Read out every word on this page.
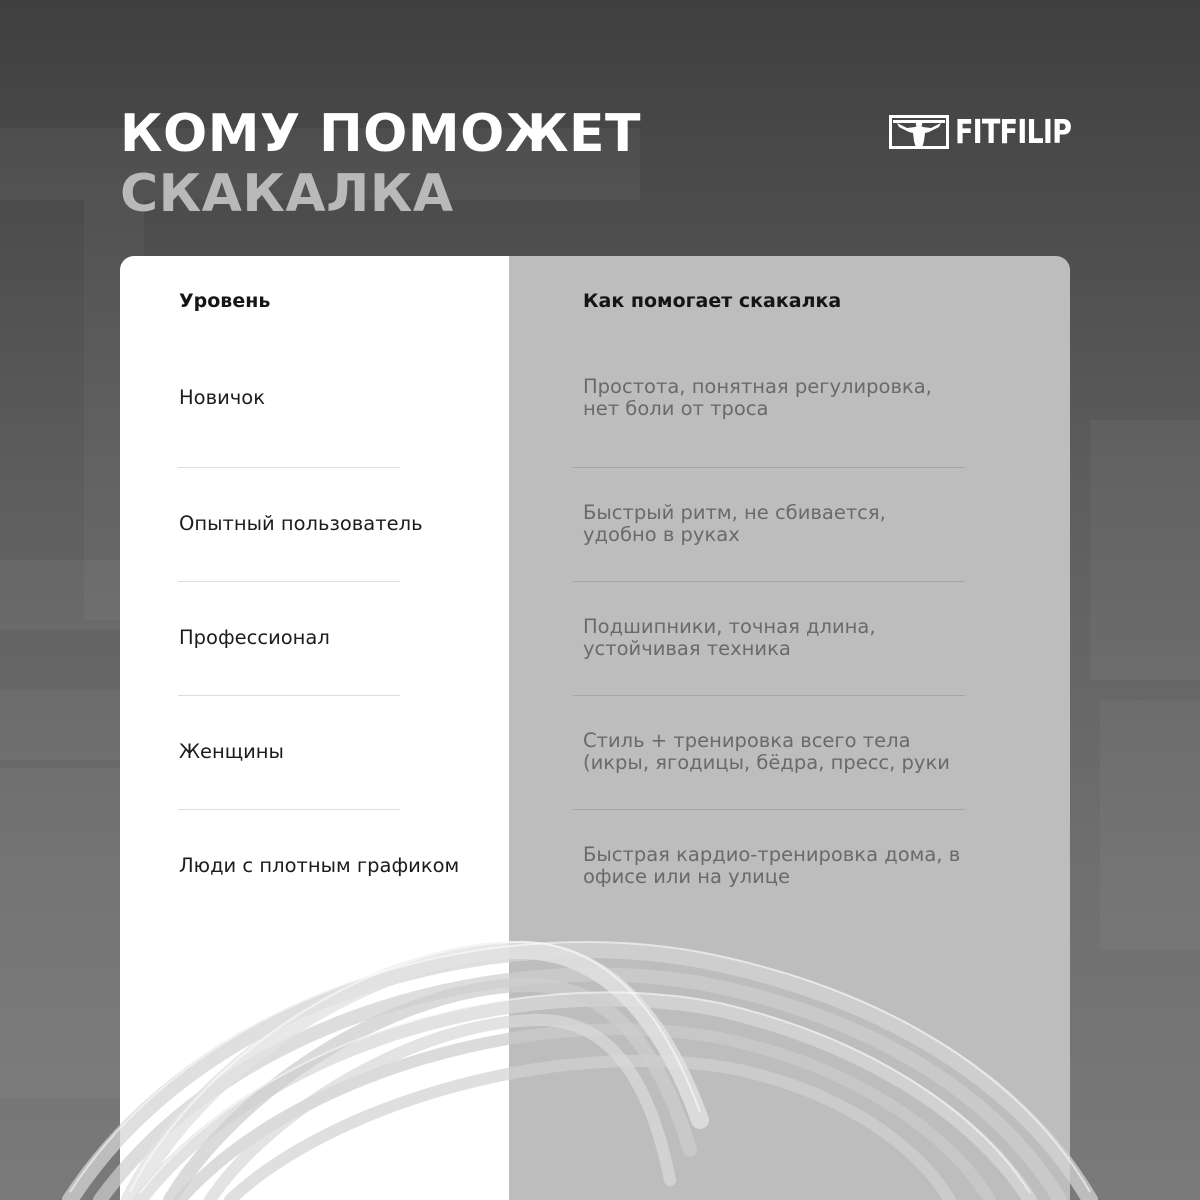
КОМУ ПОМОЖЕТ
СКАКАЛКА
FITFILIP
Уровень
Новичок
Опытный пользователь
Профессионал
Женщины
Люди с плотным графиком
Как помогает скакалка
Простота, понятная регулировка, нет боли от троса
Быстрый ритм, не сбивается, удобно в руках
Подшипники, точная длина, устойчивая техника
Стиль + тренировка всего тела (икры, ягодицы, бёдра, пресс, руки
Быстрая кардио-тренировка дома, в офисе или на улице
